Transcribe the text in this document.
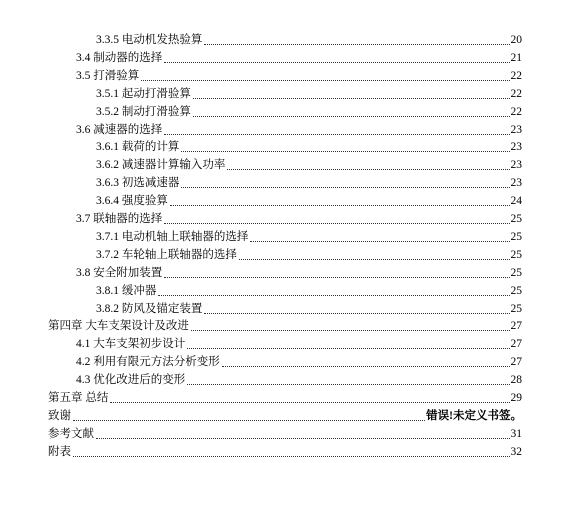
3.3.5 电动机发热验算	20
3.4 制动器的选择	21
3.5 打滑验算	22
3.5.1 起动打滑验算	22
3.5.2 制动打滑验算	22
3.6 减速器的选择	23
3.6.1 载荷的计算	23
3.6.2 减速器计算输入功率	23
3.6.3 初选减速器	23
3.6.4 强度验算	24
3.7 联轴器的选择	25
3.7.1 电动机轴上联轴器的选择	25
3.7.2 车轮轴上联轴器的选择	25
3.8 安全附加装置	25
3.8.1 缓冲器	25
3.8.2 防风及锚定装置	25
第四章 大车支架设计及改进	27
4.1 大车支架初步设计	27
4.2 利用有限元方法分析变形	27
4.3 优化改进后的变形	28
第五章 总结	29
致谢	错误!未定义书签。
参考文献	31
附表	32
